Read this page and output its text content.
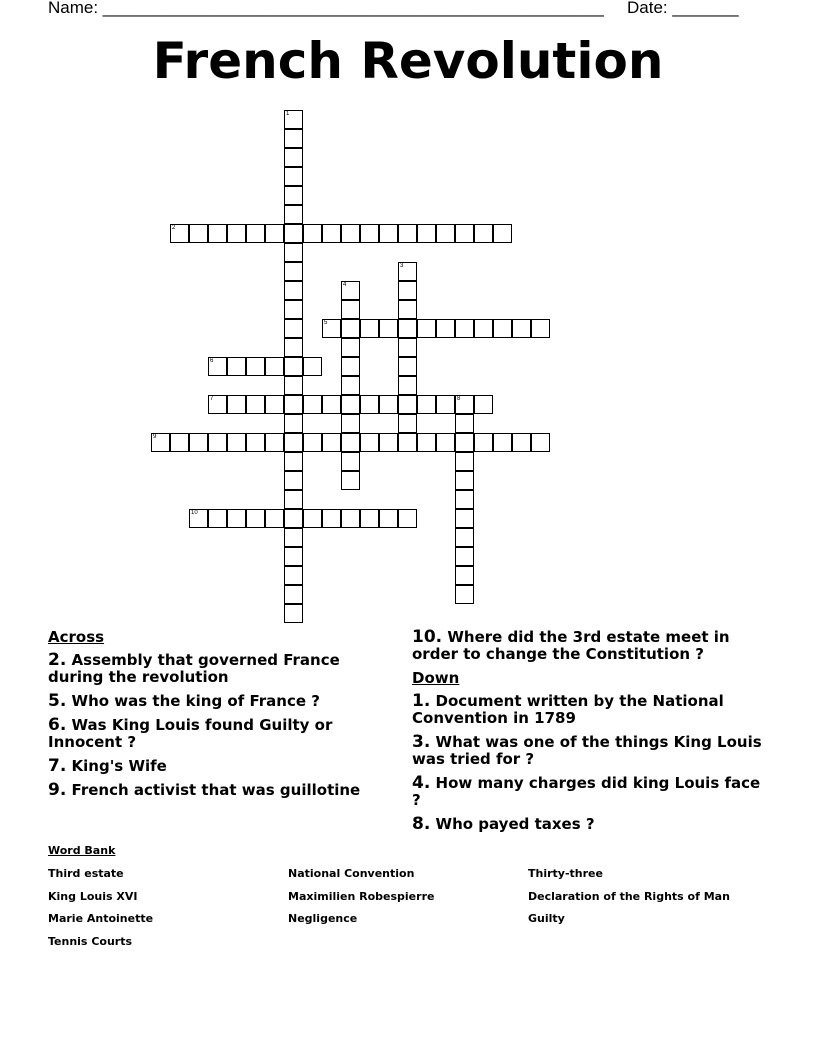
Name: _____________________________________________________ Date: _______
French Revolution
1
2
3
4
5
6
7	8
9
10
Across
2. Assembly that governed France during the revolution
5. Who was the king of France ?
6. Was King Louis found Guilty or Innocent ?
7. King's Wife
9. French activist that was guillotine
10. Where did the 3rd estate meet in order to change the Constitution ?
Down
1. Document written by the National Convention in 1789
3. What was one of the things King Louis was tried for ?
4. How many charges did king Louis face ?
8. Who payed taxes ?
Word Bank
Third estate
King Louis XVI
Marie Antoinette
Tennis Courts
National Convention
Maximilien Robespierre
Negligence
Thirty-three
Declaration of the Rights of Man
Guilty
